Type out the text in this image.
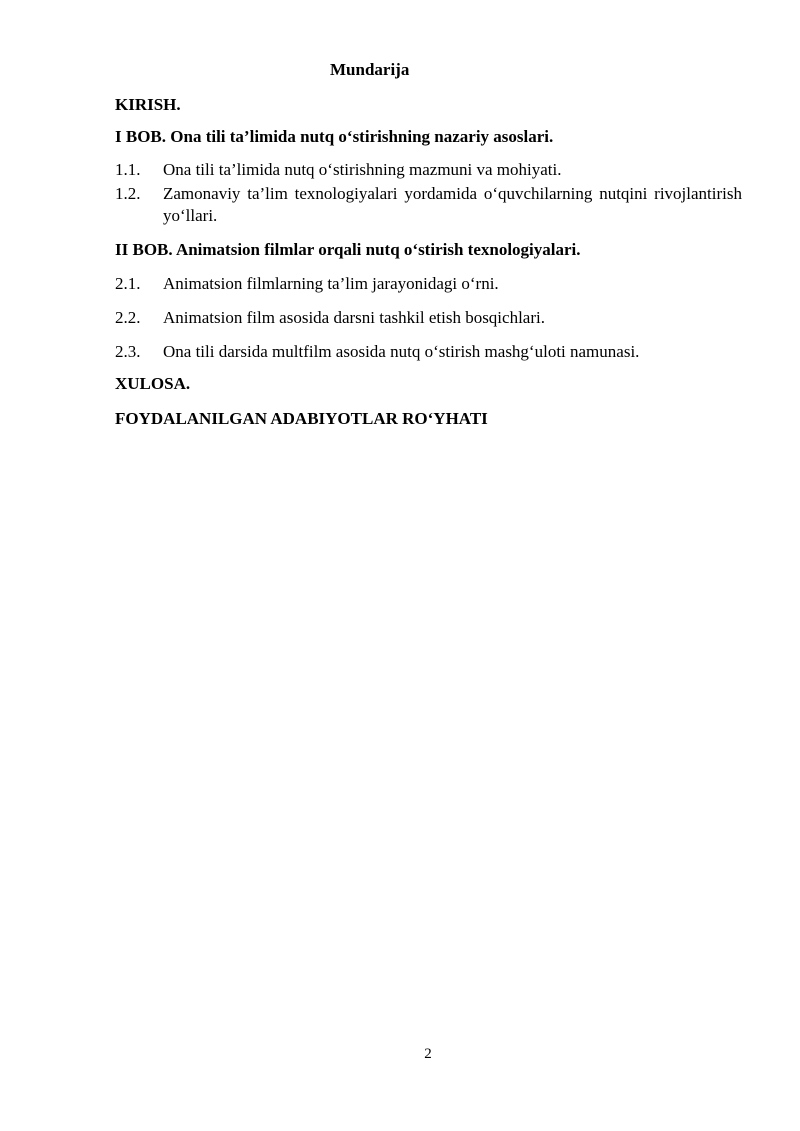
Mundarija
KIRISH.
I BOB. Ona tili ta’limida nutq o‘stirishning nazariy asoslari.
1.1.	Ona tili ta’limida nutq o‘stirishning mazmuni va mohiyati.
1.2.	Zamonaviy ta’lim texnologiyalari yordamida o‘quvchilarning nutqini rivojlantirish yo‘llari.
II BOB. Animatsion filmlar orqali nutq o‘stirish texnologiyalari.
2.1.	Animatsion filmlarning ta’lim jarayonidagi o‘rni.
2.2.	Animatsion film asosida darsni tashkil etish bosqichlari.
2.3.	Ona tili darsida multfilm asosida nutq o‘stirish mashg‘uloti namunasi.
XULOSA.
FOYDALANILGAN ADABIYOTLAR RO‘YHATI
2
